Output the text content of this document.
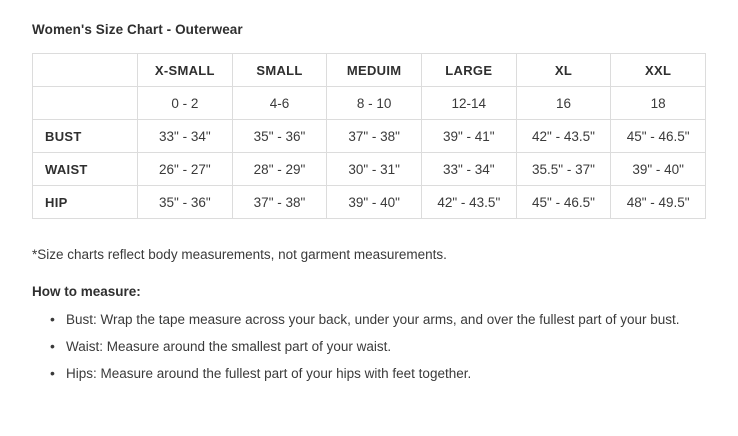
Women's Size Chart - Outerwear
	X-SMALL	SMALL	MEDUIM	LARGE	XL	XXL
	0 - 2	4-6	8 - 10	12-14	16	18
BUST	33" - 34"	35" - 36"	37" - 38"	39" - 41"	42" - 43.5"	45" - 46.5"
WAIST	26" - 27"	28" - 29"	30" - 31"	33" - 34"	35.5" - 37"	39" - 40"
HIP	35" - 36"	37" - 38"	39" - 40"	42" - 43.5"	45" - 46.5"	48" - 49.5"
*Size charts reflect body measurements, not garment measurements.
How to measure:
• Bust: Wrap the tape measure across your back, under your arms, and over the fullest part of your bust.
• Waist: Measure around the smallest part of your waist.
• Hips: Measure around the fullest part of your hips with feet together.
